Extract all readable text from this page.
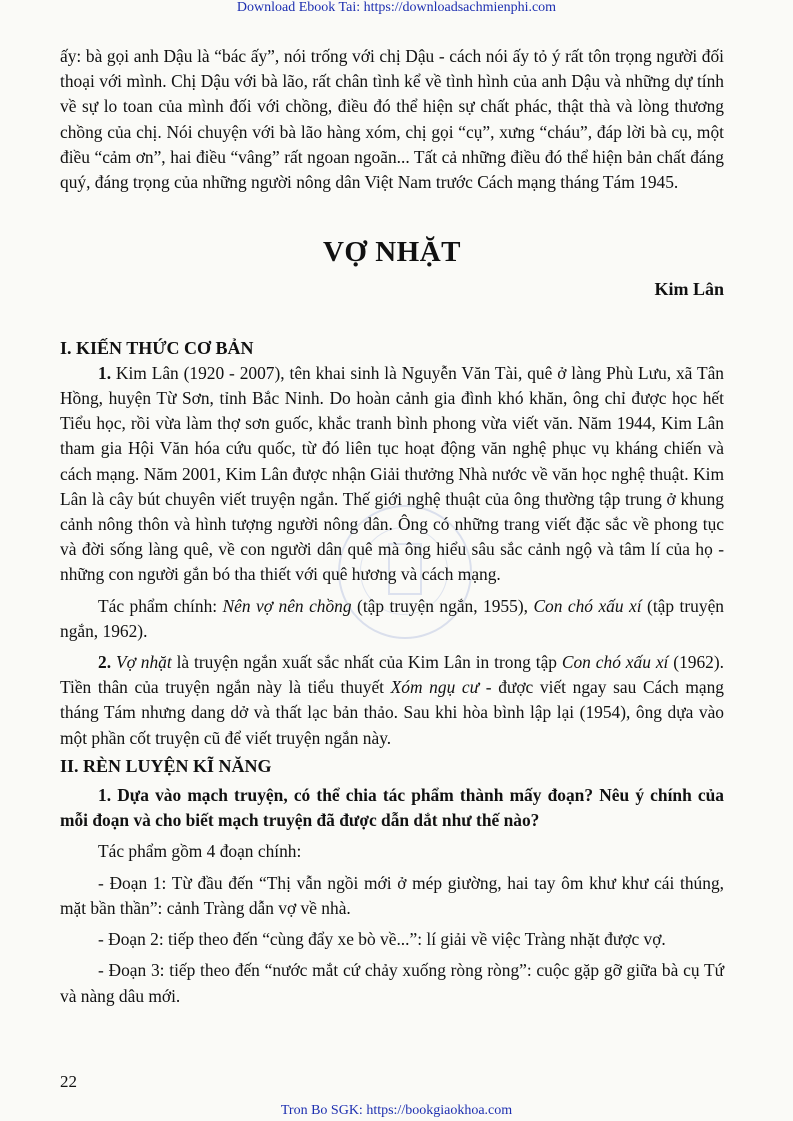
Download Ebook Tai: https://downloadsachmienphi.com

ấy: bà gọi anh Dậu là “bác ấy”, nói trống với chị Dậu - cách nói ấy tỏ ý rất tôn trọng người đối thoại với mình. Chị Dậu với bà lão, rất chân tình kể về tình hình của anh Dậu và những dự tính về sự lo toan của mình đối với chồng, điều đó thể hiện sự chất phác, thật thà và lòng thương chồng của chị. Nói chuyện với bà lão hàng xóm, chị gọi “cụ”, xưng “cháu”, đáp lời bà cụ, một điều “cảm ơn”, hai điều “vâng” rất ngoan ngoãn... Tất cả những điều đó thể hiện bản chất đáng quý, đáng trọng của những người nông dân Việt Nam trước Cách mạng tháng Tám 1945.

VỢ NHẶT
Kim Lân
I. KIẾN THỨC CƠ BẢN

1. Kim Lân (1920 - 2007), tên khai sinh là Nguyễn Văn Tài, quê ở làng Phù Lưu, xã Tân Hồng, huyện Từ Sơn, tỉnh Bắc Ninh. Do hoàn cảnh gia đình khó khăn, ông chỉ được học hết Tiểu học, rồi vừa làm thợ sơn guốc, khắc tranh bình phong vừa viết văn. Năm 1944, Kim Lân tham gia Hội Văn hóa cứu quốc, từ đó liên tục hoạt động văn nghệ phục vụ kháng chiến và cách mạng. Năm 2001, Kim Lân được nhận Giải thưởng Nhà nước về văn học nghệ thuật. Kim Lân là cây bút chuyên viết truyện ngắn. Thế giới nghệ thuật của ông thường tập trung ở khung cảnh nông thôn và hình tượng người nông dân. Ông có những trang viết đặc sắc về phong tục và đời sống làng quê, về con người dân quê mà ông hiểu sâu sắc cảnh ngộ và tâm lí của họ - những con người gắn bó tha thiết với quê hương và cách mạng.

Tác phẩm chính: Nên vợ nên chồng (tập truyện ngắn, 1955), Con chó xấu xí (tập truyện ngắn, 1962).

2. Vợ nhặt là truyện ngắn xuất sắc nhất của Kim Lân in trong tập Con chó xấu xí (1962). Tiền thân của truyện ngắn này là tiểu thuyết Xóm ngụ cư - được viết ngay sau Cách mạng tháng Tám nhưng dang dở và thất lạc bản thảo. Sau khi hòa bình lập lại (1954), ông dựa vào một phần cốt truyện cũ để viết truyện ngắn này.

II. RÈN LUYỆN KĨ NĂNG

1. Dựa vào mạch truyện, có thể chia tác phẩm thành mấy đoạn? Nêu ý chính của mỗi đoạn và cho biết mạch truyện đã được dẫn dắt như thế nào?

Tác phẩm gồm 4 đoạn chính:

- Đoạn 1: Từ đầu đến “Thị vẫn ngồi mới ở mép giường, hai tay ôm khư khư cái thúng, mặt bần thần”: cảnh Tràng dẫn vợ về nhà.

- Đoạn 2: tiếp theo đến “cùng đẩy xe bò về...”: lí giải về việc Tràng nhặt được vợ.

- Đoạn 3: tiếp theo đến “nước mắt cứ chảy xuống ròng ròng”: cuộc gặp gỡ giữa bà cụ Tứ và nàng dâu mới.

22
Tron Bo SGK: https://bookgiaokhoa.com
